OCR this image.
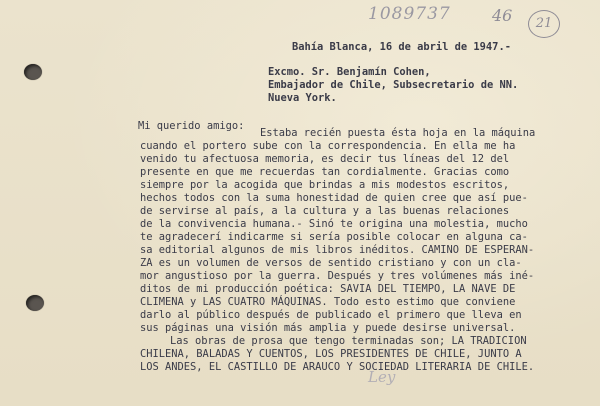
1089737	46	21
Bahía Blanca, 16 de abril de 1947.-
Excmo. Sr. Benjamín Cohen,
Embajador de Chile, Subsecretario de NN.
Nueva York.
Mi querido amigo:
Estaba recién puesta ésta hoja en la máquina
cuando el portero sube con la correspondencia. En ella me ha
venido tu afectuosa memoria, es decir tus líneas del 12 del
presente en que me recuerdas tan cordialmente. Gracias como
siempre por la acogida que brindas a mis modestos escritos,
hechos todos con la suma honestidad de quien cree que así pue-
de servirse al país, a la cultura y a las buenas relaciones
de la convivencia humana.- Sinó te origina una molestia, mucho
te agradecerí indicarme si sería posible colocar en alguna ca-
sa editorial algunos de mis libros inéditos. CAMINO DE ESPERAN-
ZA es un volumen de versos de sentido cristiano y con un cla-
mor angustioso por la guerra. Después y tres volúmenes más iné-
ditos de mi producción poética: SAVIA DEL TIEMPO, LA NAVE DE
CLIMENA y LAS CUATRO MÁQUINAS. Todo esto estimo que conviene
darlo al público después de publicado el primero que lleva en
sus páginas una visión más amplia y puede desirse universal.
Las obras de prosa que tengo terminadas son; LA TRADICION
CHILENA, BALADAS Y CUENTOS, LOS PRESIDENTES DE CHILE, JUNTO A
LOS ANDES, EL CASTILLO DE ARAUCO Y SOCIEDAD LITERARIA DE CHILE.
Ley
